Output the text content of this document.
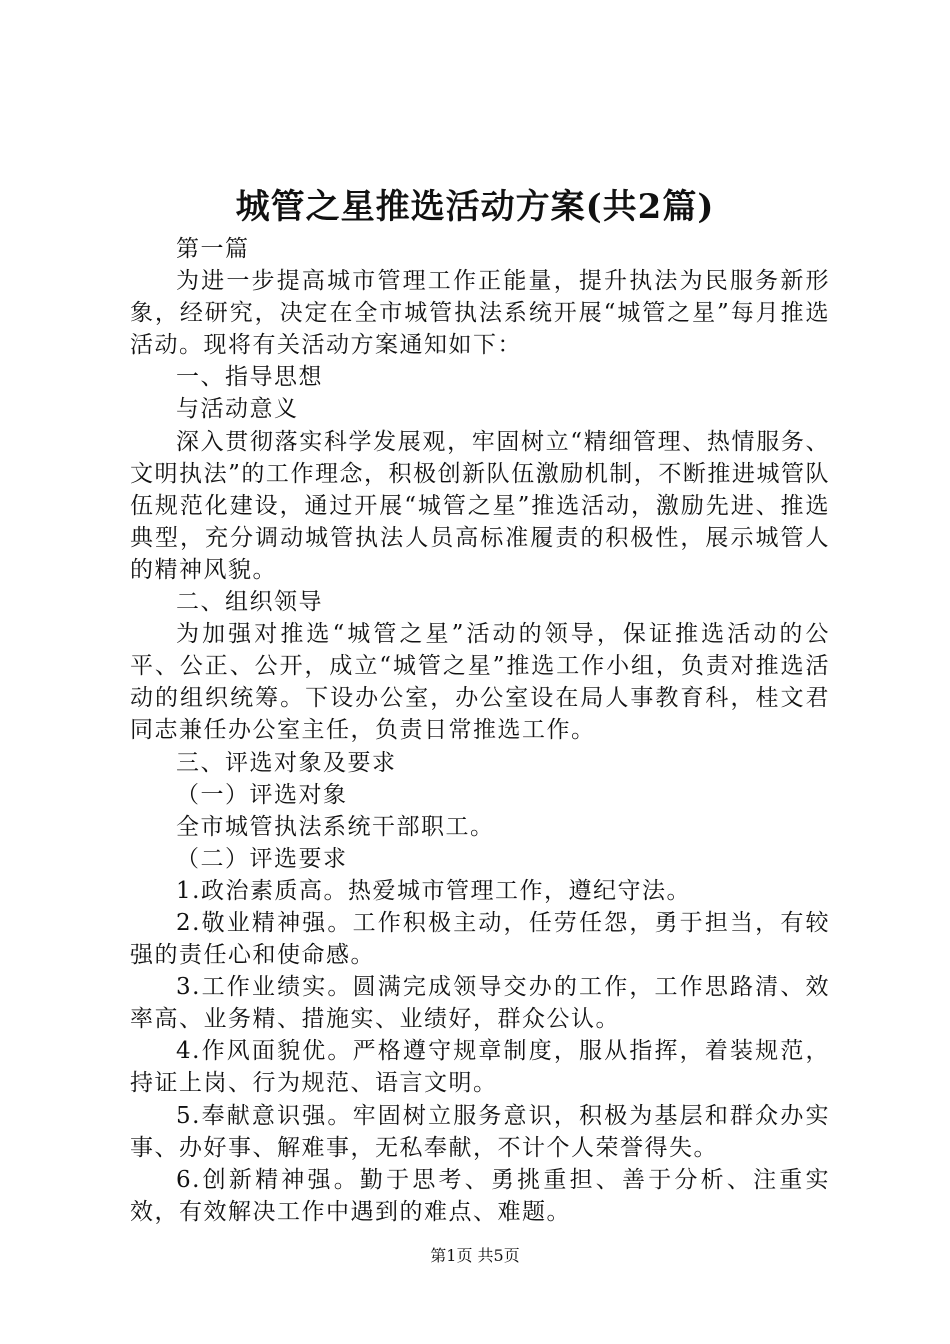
城管之星推选活动方案(共2篇)

第一篇

为进一步提高城市管理工作正能量，提升执法为民服务新形象，经研究，决定在全市城管执法系统开展“城管之星”每月推选活动。现将有关活动方案通知如下：

一、指导思想

与活动意义

深入贯彻落实科学发展观，牢固树立“精细管理、热情服务、文明执法”的工作理念，积极创新队伍激励机制，不断推进城管队伍规范化建设，通过开展“城管之星”推选活动，激励先进、推选典型，充分调动城管执法人员高标准履责的积极性，展示城管人的精神风貌。

二、组织领导

为加强对推选“城管之星”活动的领导，保证推选活动的公平、公正、公开，成立“城管之星”推选工作小组，负责对推选活动的组织统筹。下设办公室，办公室设在局人事教育科，桂文君同志兼任办公室主任，负责日常推选工作。

三、评选对象及要求

（一）评选对象

全市城管执法系统干部职工。

（二）评选要求

1.政治素质高。热爱城市管理工作，遵纪守法。

2.敬业精神强。工作积极主动，任劳任怨，勇于担当，有较强的责任心和使命感。

3.工作业绩实。圆满完成领导交办的工作，工作思路清、效率高、业务精、措施实、业绩好，群众公认。

4.作风面貌优。严格遵守规章制度，服从指挥，着装规范，持证上岗、行为规范、语言文明。

5.奉献意识强。牢固树立服务意识，积极为基层和群众办实事、办好事、解难事，无私奉献，不计个人荣誉得失。

6.创新精神强。勤于思考、勇挑重担、善于分析、注重实效，有效解决工作中遇到的难点、难题。

第1页 共5页
